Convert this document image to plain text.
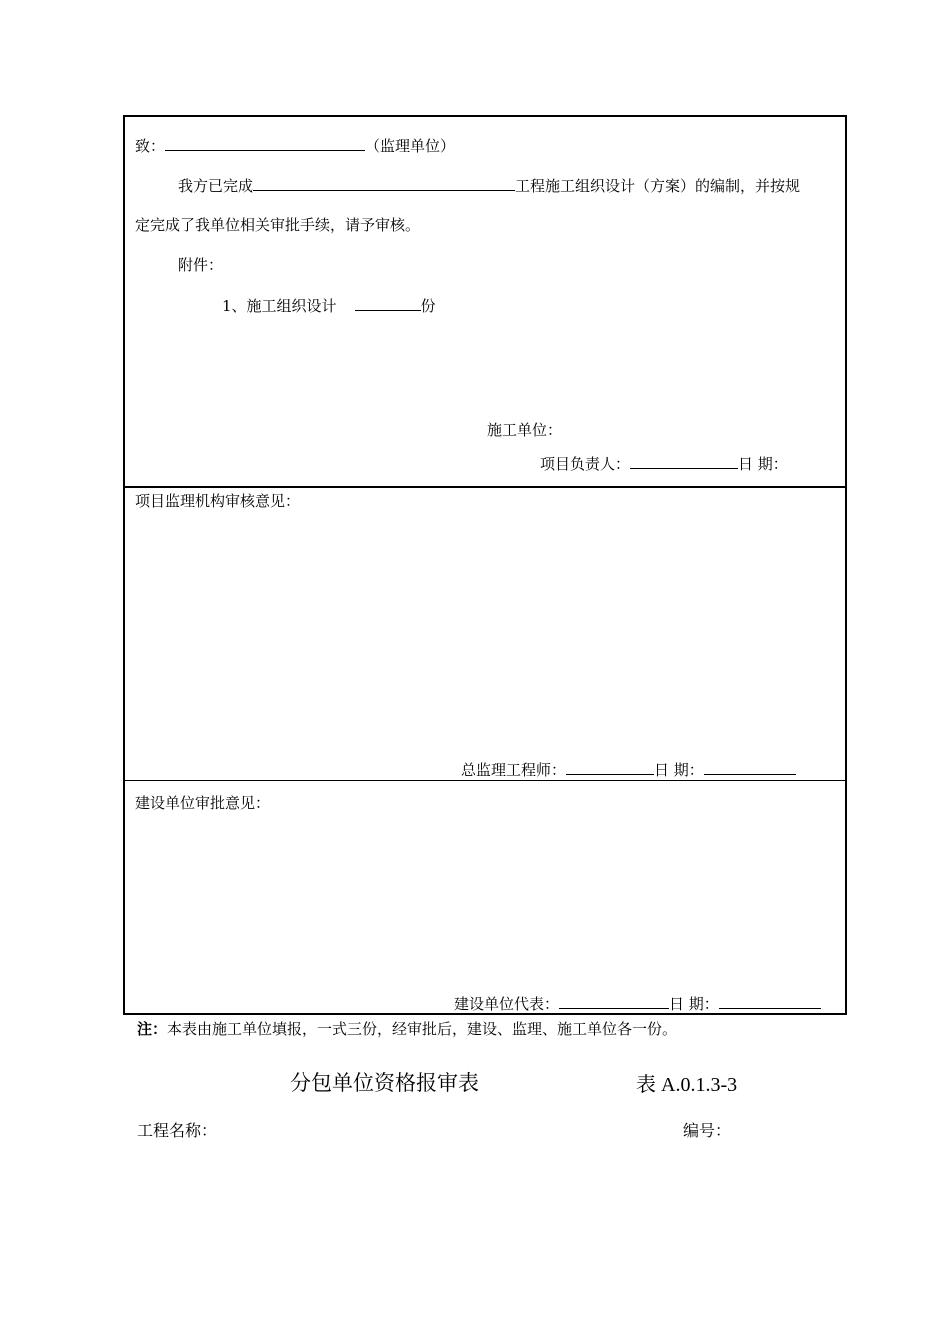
致：	（监理单位）
我方已完成	工程施工组织设计（方案）的编制，并按规
定完成了我单位相关审批手续，请予审核。
附件：
1、施工组织设计	份
施工单位：
项目负责人：	日 期：
项目监理机构审核意见：
总监理工程师：	日 期：
建设单位审批意见：
建设单位代表：	日 期：
注：本表由施工单位填报，一式三份，经审批后，建设、监理、施工单位各一份。
分包单位资格报审表	表 A.0.1.3-3
工程名称：	编号：
